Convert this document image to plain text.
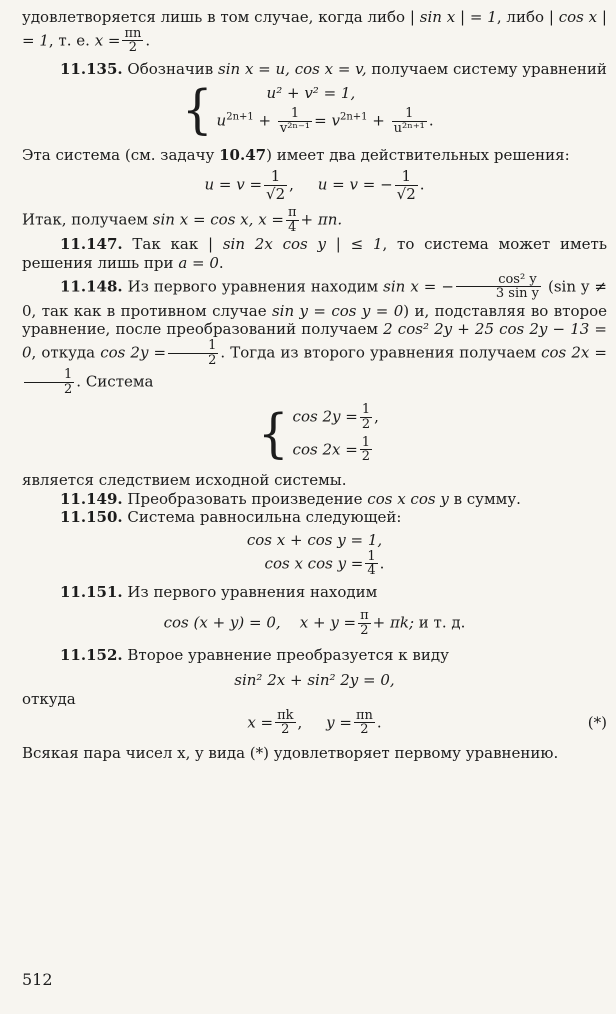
удовлетворяется лишь в том случае, когда либо | sin x | = 1, либо | cos x | = 1, т. е. $x = \frac{\pi n}{2}$ .

11.135. Обозначив sin x = u, cos x = v, получаем систему уравнений

{	u² + v² = 1,
$u^{2n+1} + \frac{1}{\text{v²ⁿ⁻¹}} = v^{2n+1} + \frac{1}{\text{u²ⁿ⁺¹}}$ .

Эта система (см. задачу 10.47) имеет два действительных решения:

$u = v = \frac{1}{√2}$ , u = v = − $\frac{1}{√2}$ .

Итак, получаем sin x = cos x, $x = \frac{\pi}{4} + \pi n$.

11.147. Так как | sin 2x cos y | ≤ 1, то система может иметь решения лишь при a = 0.

11.148. Из первого уравнения находим sin x = − $\frac{\text{cos² y}}{\text{3 sin y}} (\sin$ y ≠ 0, так как в противном случае sin y = cos y = 0) и, подставляя во второе уравнение, после преобразований получаем 2 cos² 2y + 25 cos 2y − 13 = 0, откуда $\cos 2y = \frac{1}{2}$ . Тогда из второго уравнения получаем cos 2x =
$\frac{1}{2}$ . Система

{ $\cos 2y = \frac{1}{2}$ ,
$\cos 2x = \frac{1}{2}$

является следствием исходной системы.

11.149. Преобразовать произведение cos x cos y в сумму.

11.150. Система равносильна следующей:

cos x + cos y = 1,
cos x $\cos y = \frac{1}{4}$ .

11.151. Из первого уравнения находим

cos (x + y) = 0, $x + y = \frac{\pi}{2} + \pi k$; и т. д.

11.152. Второе уравнение преобразуется к виду

sin² 2x + sin² 2y = 0,

откуда

$x = \frac{\pi k}{2}$ , $y = \frac{\pi n}{2}$ .	(*)

Всякая пара чисел x, y вида (*) удовлетворяет первому уравнению.

512
